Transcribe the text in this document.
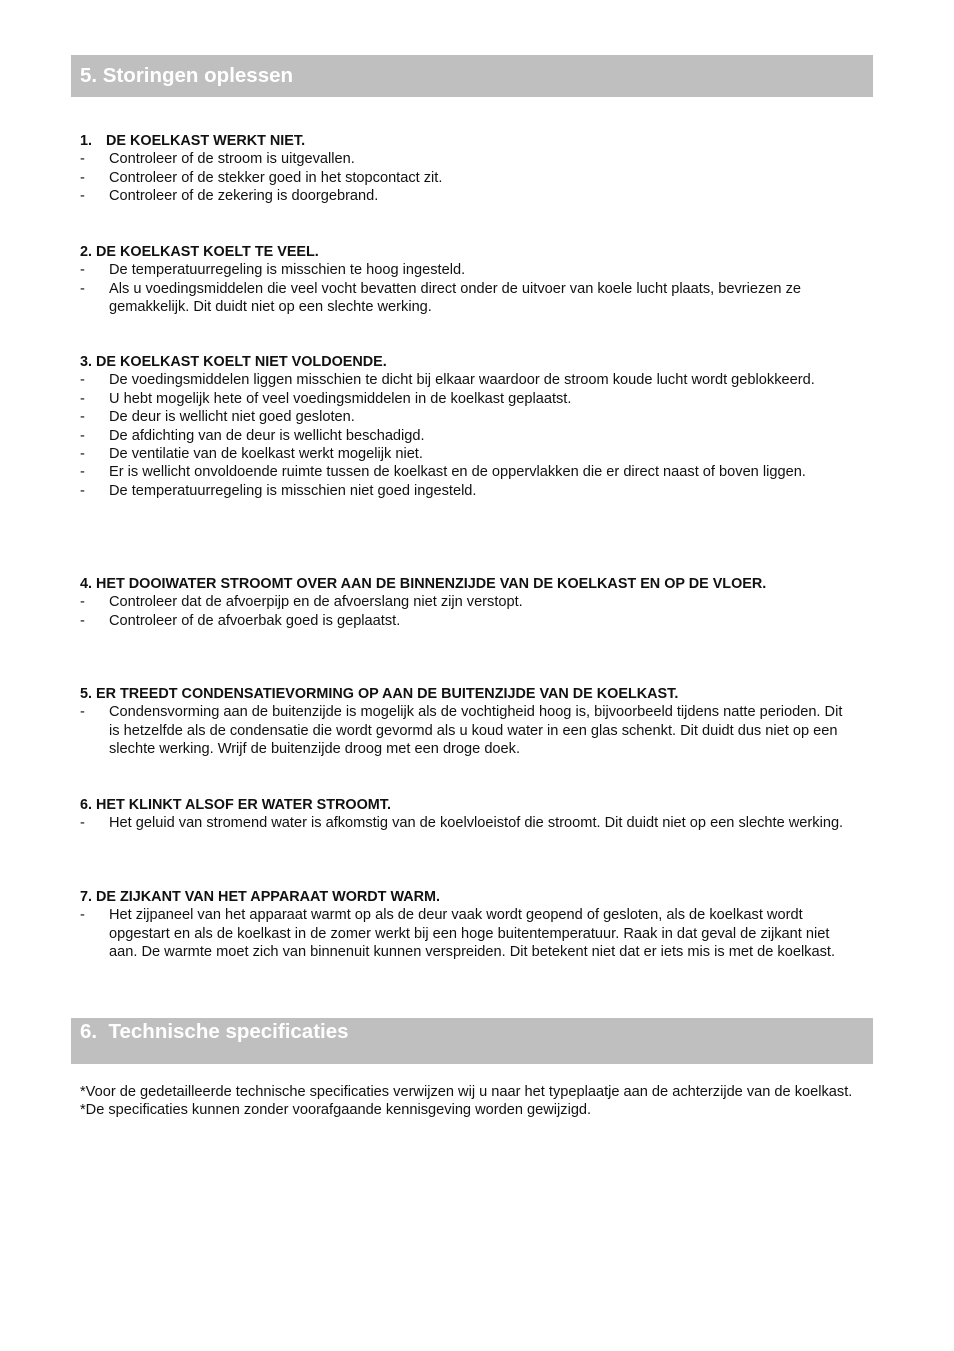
5. Storingen oplessen
1. DE KOELKAST WERKT NIET.
- Controleer of de stroom is uitgevallen.
- Controleer of de stekker goed in het stopcontact zit.
- Controleer of de zekering is doorgebrand.
2. DE KOELKAST KOELT TE VEEL.
- De temperatuurregeling is misschien te hoog ingesteld.
- Als u voedingsmiddelen die veel vocht bevatten direct onder de uitvoer van koele lucht plaats, bevriezen ze gemakkelijk. Dit duidt niet op een slechte werking.
3. DE KOELKAST KOELT NIET VOLDOENDE.
- De voedingsmiddelen liggen misschien te dicht bij elkaar waardoor de stroom koude lucht wordt geblokkeerd.
- U hebt mogelijk hete of veel voedingsmiddelen in de koelkast geplaatst.
- De deur is wellicht niet goed gesloten.
- De afdichting van de deur is wellicht beschadigd.
- De ventilatie van de koelkast werkt mogelijk niet.
- Er is wellicht onvoldoende ruimte tussen de koelkast en de oppervlakken die er direct naast of boven liggen.
- De temperatuurregeling is misschien niet goed ingesteld.
4. HET DOOIWATER STROOMT OVER AAN DE BINNENZIJDE VAN DE KOELKAST EN OP DE VLOER.
- Controleer dat de afvoerpijp en de afvoerslang niet zijn verstopt.
- Controleer of de afvoerbak goed is geplaatst.
5. ER TREEDT CONDENSATIEVORMING OP AAN DE BUITENZIJDE VAN DE KOELKAST.
- Condensvorming aan de buitenzijde is mogelijk als de vochtigheid hoog is, bijvoorbeeld tijdens natte perioden. Dit is hetzelfde als de condensatie die wordt gevormd als u koud water in een glas schenkt. Dit duidt dus niet op een slechte werking. Wrijf de buitenzijde droog met een droge doek.
6. HET KLINKT ALSOF ER WATER STROOMT.
- Het geluid van stromend water is afkomstig van de koelvloeistof die stroomt. Dit duidt niet op een slechte werking.
7. DE ZIJKANT VAN HET APPARAAT WORDT WARM.
- Het zijpaneel van het apparaat warmt op als de deur vaak wordt geopend of gesloten, als de koelkast wordt opgestart en als de koelkast in de zomer werkt bij een hoge buitentemperatuur. Raak in dat geval de zijkant niet aan. De warmte moet zich van binnenuit kunnen verspreiden. Dit betekent niet dat er iets mis is met de koelkast.
6.  Technische specificaties

*Voor de gedetailleerde technische specificaties verwijzen wij u naar het typeplaatje aan de achterzijde van de koelkast.

*De specificaties kunnen zonder voorafgaande kennisgeving worden gewijzigd.
